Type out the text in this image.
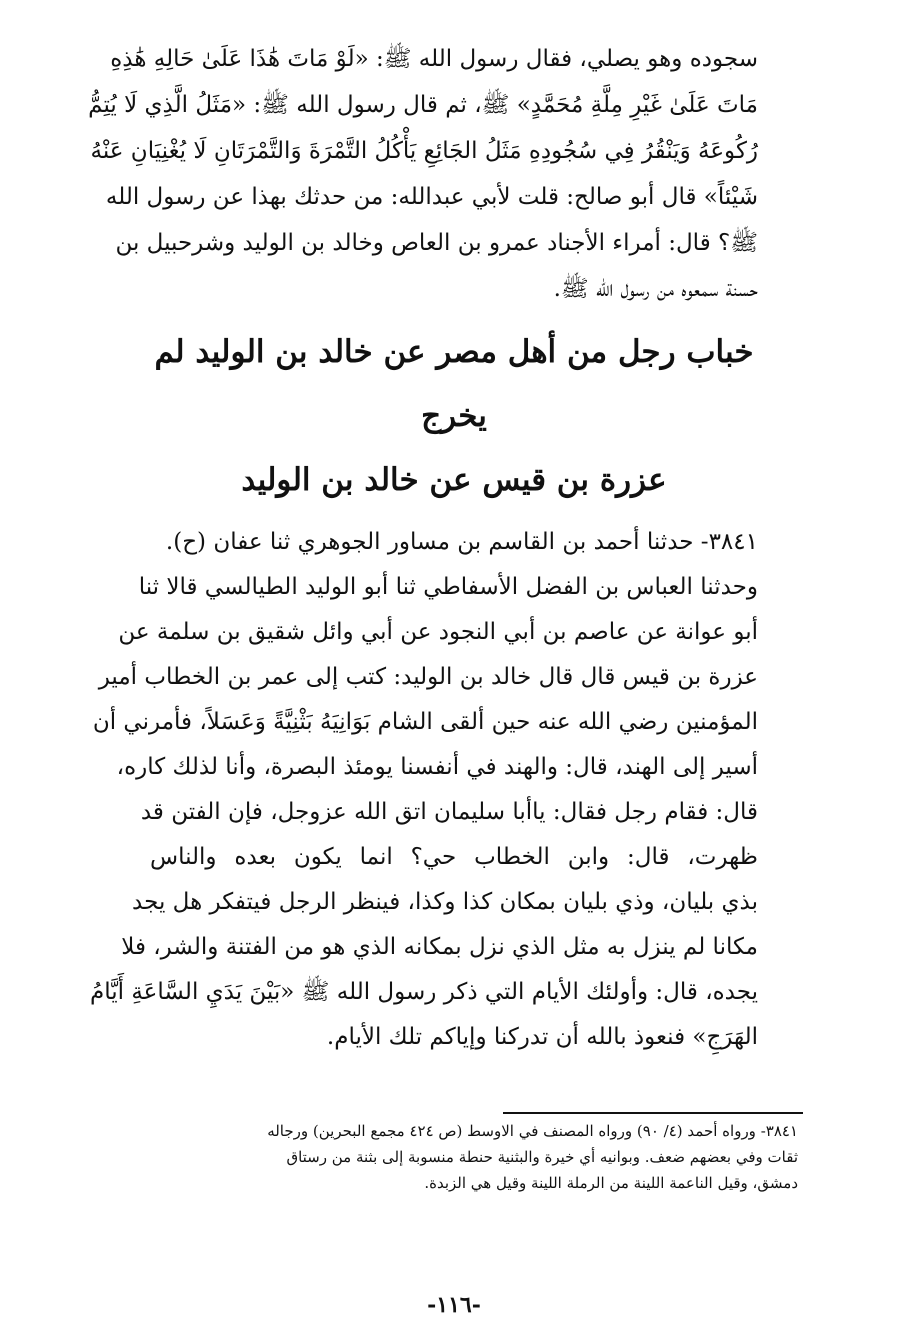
سجوده وهو يصلي، فقال رسول الله ﷺ: «لَوْ مَاتَ هَٰذَا عَلَىٰ حَالِهِ هَٰذِهِ
مَاتَ عَلَىٰ غَيْرِ مِلَّةِ مُحَمَّدٍ» ﷺ، ثم قال رسول الله ﷺ: «مَثَلُ الَّذِي لَا يُتِمُّ
رُكُوعَهُ وَيَنْقُرُ فِي سُجُودِهِ مَثَلُ الجَائِعِ يَأْكُلُ التَّمْرَةَ وَالتَّمْرَتَانِ لَا يُغْنِيَانِ عَنْهُ
شَيْئاً» قال أبو صالح: قلت لأبي عبدالله: من حدثك بهذا عن رسول الله
ﷺ؟ قال: أمراء الأجناد عمرو بن العاص وخالد بن الوليد وشرحبيل بن
حسنة سمعوه من رسول الله ﷺ.
خباب رجل من أهل مصر عن خالد بن الوليد لم يخرج
عزرة بن قيس عن خالد بن الوليد
٣٨٤١- حدثنا أحمد بن القاسم بن مساور الجوهري ثنا عفان (ح).
وحدثنا العباس بن الفضل الأسفاطي ثنا أبو الوليد الطيالسي قالا ثنا
أبو عوانة عن عاصم بن أبي النجود عن أبي وائل شقيق بن سلمة عن
عزرة بن قيس قال قال خالد بن الوليد: كتب إلى عمر بن الخطاب أمير
المؤمنين رضي الله عنه حين ألقى الشام بَوَانِيَهُ بَثْنِيَّةً وَعَسَلاً، فأمرني أن
أسير إلى الهند، قال: والهند في أنفسنا يومئذ البصرة، وأنا لذلك كاره،
قال: فقام رجل فقال: ياأبا سليمان اتق الله عزوجل، فإن الفتن قد
ظهرت، قال: وابن الخطاب حي؟ انما يكون بعده والناس
بذي بليان، وذي بليان بمكان كذا وكذا، فينظر الرجل فيتفكر هل يجد
مكانا لم ينزل به مثل الذي نزل بمكانه الذي هو من الفتنة والشر، فلا
يجده، قال: وأولئك الأيام التي ذكر رسول الله ﷺ «بَيْنَ يَدَيِ السَّاعَةِ أَيَّامُ
الهَرَجِ» فنعوذ بالله أن تدركنا وإياكم تلك الأيام.
٣٨٤١- ورواه أحمد (٤/ ٩٠) ورواه المصنف في الاوسط (ص ٤٢٤ مجمع البحرين) ورجاله
ثقات وفي بعضهم ضعف. وبوانيه أي خيرة والبثنية حنطة منسوبة إلى بثنة من رستاق
دمشق، وقيل الناعمة اللينة من الرملة اللينة وقيل هي الزبدة.
-١١٦-
